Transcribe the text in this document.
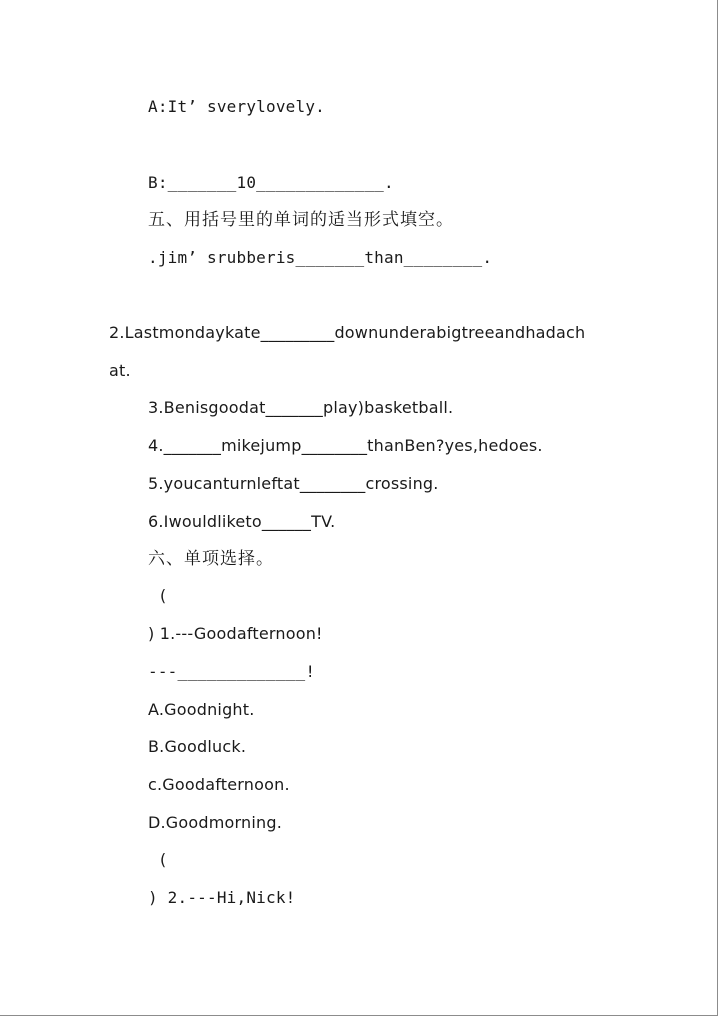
A:It’ sverylovely.
B:_______10_____________.
五、用括号里的单词的适当形式填空。
.jim’ srubberis_______than________.
2.Lastmondaykate_________downunderabigtreeandhadach
at.
3.Benisgoodat_______play)basketball.
4._______mikejump________thanBen?yes,hedoes.
5.youcanturnleftat________crossing.
6.Iwouldliketo______TV.
六、单项选择。
(
) 1.---Goodafternoon!
---_____________!
A.Goodnight.
B.Goodluck.
c.Goodafternoon.
D.Goodmorning.
(
) 2.---Hi,Nick!
